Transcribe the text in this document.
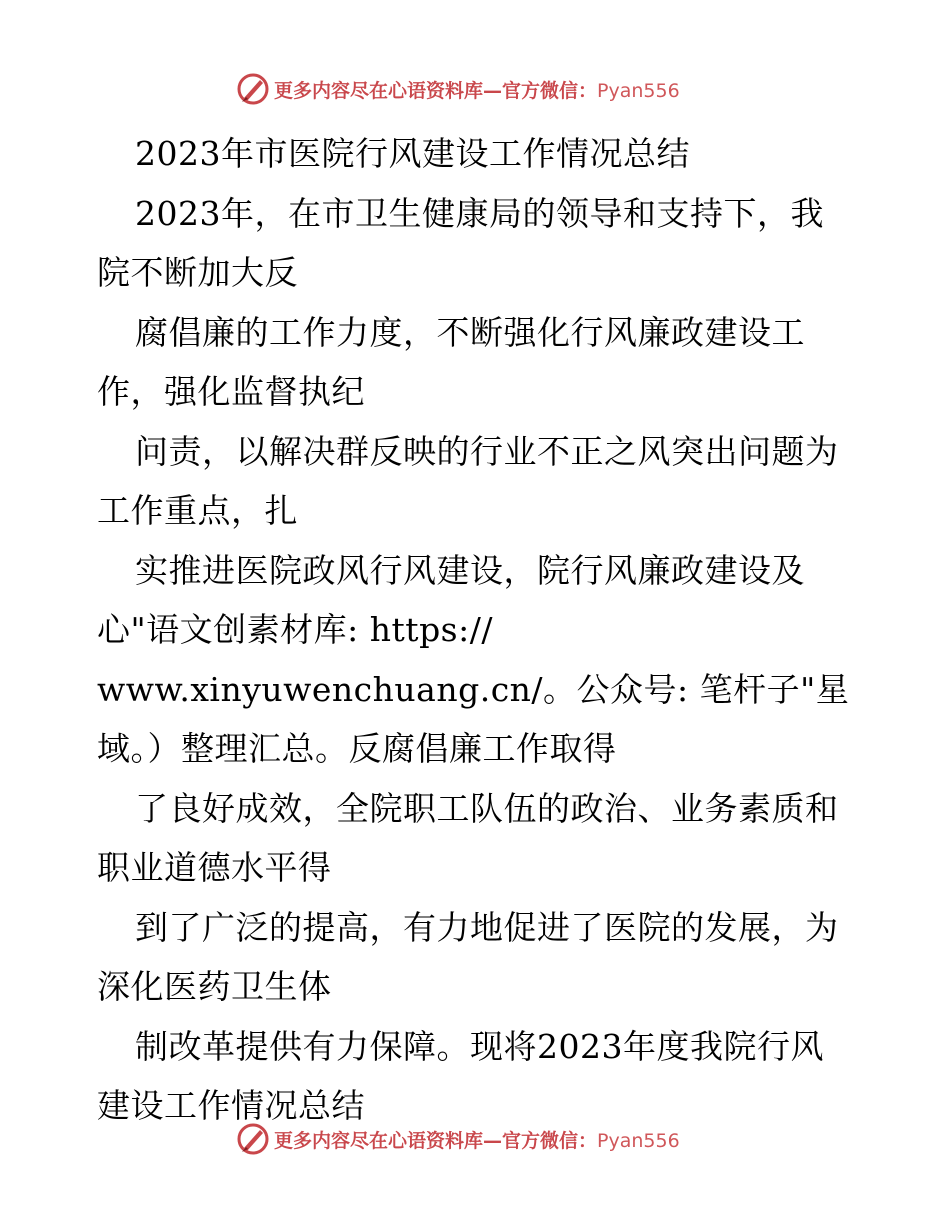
更多内容尽在心语资料库—官方微信：Pyan556
2023年市医院行风建设工作情况总结
2023年，在市卫生健康局的领导和支持下，我
院不断加大反
腐倡廉的工作力度，不断强化行风廉政建设工
作，强化监督执纪
问责，以解决群反映的行业不正之风突出问题为
工作重点，扎
实推进医院政风行风建设，院行风廉政建设及
心"语文创素材库: https://
www.xinyuwenchuang.cn/。公众号: 笔杆子"星
域。）整理汇总。反腐倡廉工作取得
了良好成效，全院职工队伍的政治、业务素质和
职业道德水平得
到了广泛的提高，有力地促进了医院的发展，为
深化医药卫生体
制改革提供有力保障。现将2023年度我院行风
建设工作情况总结
更多内容尽在心语资料库—官方微信：Pyan556
